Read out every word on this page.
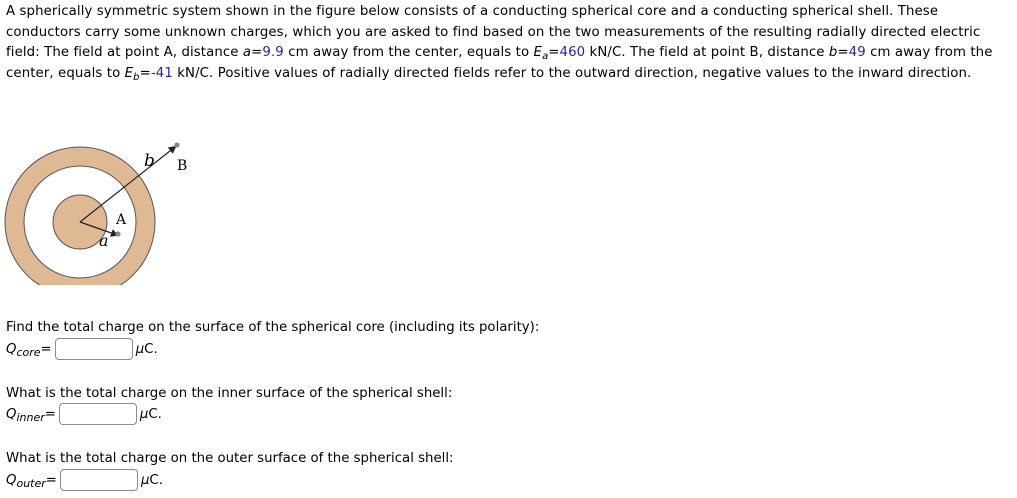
A spherically symmetric system shown in the figure below consists of a conducting spherical core and a conducting spherical shell. These conductors carry some unknown charges, which you are asked to find based on the two measurements of the resulting radially directed electric field: The field at point A, distance a=9.9 cm away from the center, equals to $E_a=460$ kN/C. The field at point B, distance b=49 cm away from the center, equals to $E_b=-41$ kN/C. Positive values of radially directed fields refer to the outward direction, negative values to the inward direction.
b B
A
a
Find the total charge on the surface of the spherical core (including its polarity):
$Q_{core}$ =	μC.
What is the total charge on the inner surface of the spherical shell:
$Q_{inner}$ =	μC.
What is the total charge on the outer surface of the spherical shell:
$Q_{outer}$ =	μC.
